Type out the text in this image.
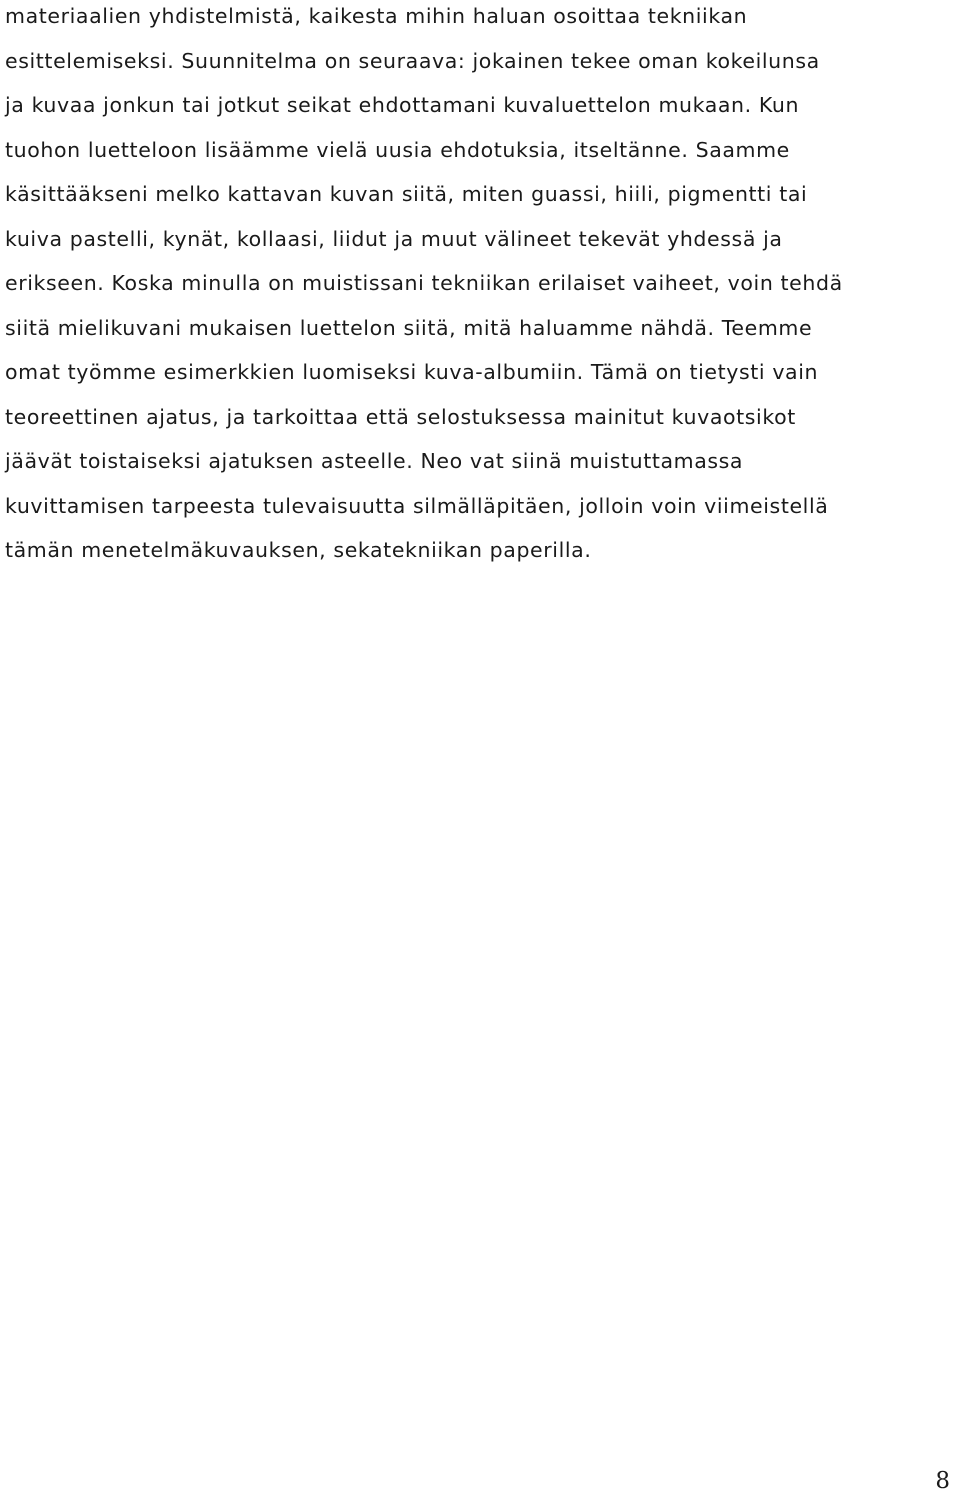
materiaalien yhdistelmistä, kaikesta mihin haluan osoittaa tekniikan
esittelemiseksi. Suunnitelma on seuraava: jokainen tekee oman kokeilunsa
ja kuvaa jonkun tai jotkut seikat ehdottamani kuvaluettelon mukaan. Kun
tuohon luetteloon lisäämme vielä uusia ehdotuksia, itseltänne. Saamme
käsittääkseni melko kattavan kuvan siitä, miten guassi, hiili, pigmentti tai
kuiva pastelli, kynät, kollaasi, liidut ja muut välineet tekevät yhdessä ja
erikseen. Koska minulla on muistissani tekniikan erilaiset vaiheet, voin tehdä
siitä mielikuvani mukaisen luettelon siitä, mitä haluamme nähdä. Teemme
omat työmme esimerkkien luomiseksi kuva-albumiin. Tämä on tietysti vain
teoreettinen ajatus, ja tarkoittaa että selostuksessa mainitut kuvaotsikot
jäävät toistaiseksi ajatuksen asteelle. Neo vat siinä muistuttamassa
kuvittamisen tarpeesta tulevaisuutta silmälläpitäen, jolloin voin viimeistellä
tämän menetelmäkuvauksen, sekatekniikan paperilla.

8
